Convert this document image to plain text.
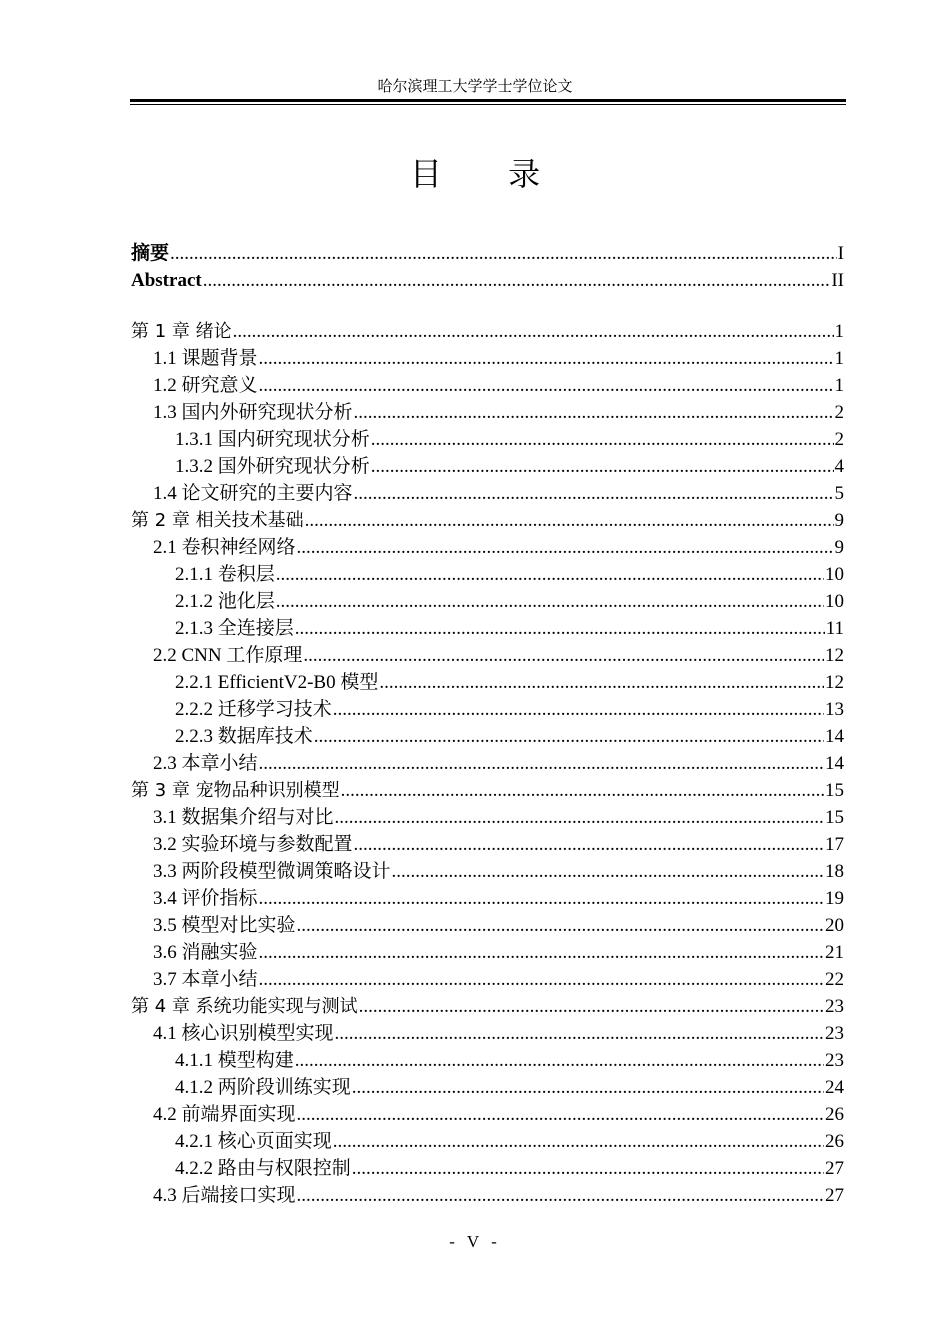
哈尔滨理工大学学士学位论文
目 录
摘要 .....	I
Abstract .....	II
第 1 章 绪论 .....	1
1.1 课题背景 .....	1
1.2 研究意义 .....	1
1.3 国内外研究现状分析 .....	2
1.3.1 国内研究现状分析 .....	2
1.3.2 国外研究现状分析 .....	4
1.4 论文研究的主要内容 .....	5
第 2 章 相关技术基础 .....	9
2.1 卷积神经网络 .....	9
2.1.1 卷积层 .....	10
2.1.2 池化层 .....	10
2.1.3 全连接层 .....	11
2.2 CNN 工作原理 .....	12
2.2.1 EfficientV2-B0 模型 .....	12
2.2.2 迁移学习技术 .....	13
2.2.3 数据库技术 .....	14
2.3 本章小结 .....	14
第 3 章 宠物品种识别模型 .....	15
3.1 数据集介绍与对比 .....	15
3.2 实验环境与参数配置 .....	17
3.3 两阶段模型微调策略设计 .....	18
3.4 评价指标 .....	19
3.5 模型对比实验 .....	20
3.6 消融实验 .....	21
3.7 本章小结 .....	22
第 4 章 系统功能实现与测试 .....	23
4.1 核心识别模型实现 .....	23
4.1.1 模型构建 .....	23
4.1.2 两阶段训练实现 .....	24
4.2 前端界面实现 .....	26
4.2.1 核心页面实现 .....	26
4.2.2 路由与权限控制 .....	27
4.3 后端接口实现 .....	27
- V -
